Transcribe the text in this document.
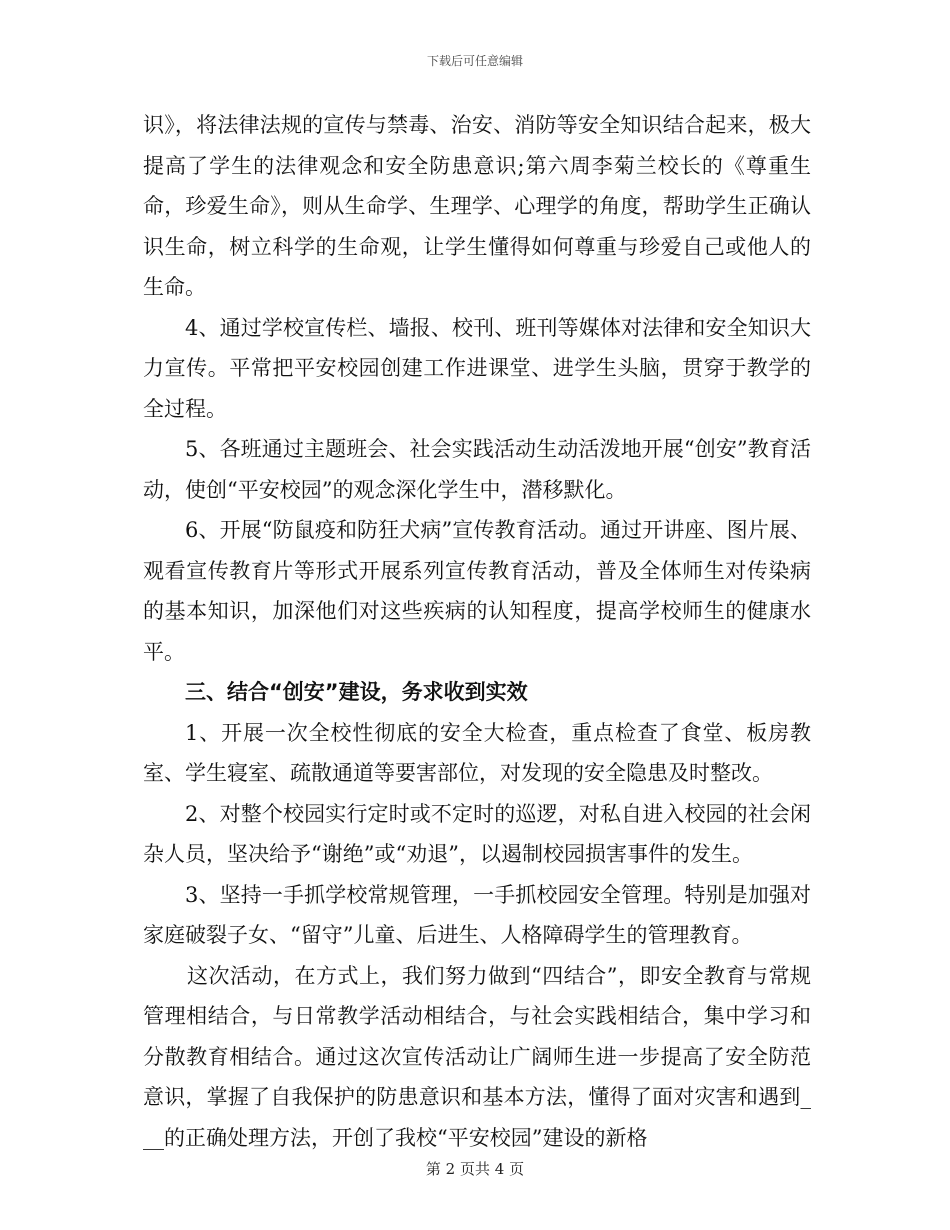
下载后可任意编辑

识》，将法律法规的宣传与禁毒、治安、消防等安全知识结合起来，极大提高了学生的法律观念和安全防患意识;第六周李菊兰校长的《尊重生命，珍爱生命》，则从生命学、生理学、心理学的角度，帮助学生正确认识生命，树立科学的生命观，让学生懂得如何尊重与珍爱自己或他人的生命。

4、通过学校宣传栏、墙报、校刊、班刊等媒体对法律和安全知识大力宣传。平常把平安校园创建工作进课堂、进学生头脑，贯穿于教学的全过程。

5、各班通过主题班会、社会实践活动生动活泼地开展“创安”教育活动，使创“平安校园”的观念深化学生中，潜移默化。

6、开展“防鼠疫和防狂犬病”宣传教育活动。通过开讲座、图片展、观看宣传教育片等形式开展系列宣传教育活动，普及全体师生对传染病的基本知识，加深他们对这些疾病的认知程度，提高学校师生的健康水平。

三、结合“创安”建设，务求收到实效

1、开展一次全校性彻底的安全大检查，重点检查了食堂、板房教室、学生寝室、疏散通道等要害部位，对发现的安全隐患及时整改。

2、对整个校园实行定时或不定时的巡逻，对私自进入校园的社会闲杂人员，坚决给予“谢绝”或“劝退”，以遏制校园损害事件的发生。

3、坚持一手抓学校常规管理，一手抓校园安全管理。特别是加强对家庭破裂子女、“留守”儿童、后进生、人格障碍学生的管理教育。

这次活动，在方式上，我们努力做到“四结合”，即安全教育与常规管理相结合，与日常教学活动相结合，与社会实践相结合，集中学习和分散教育相结合。通过这次宣传活动让广阔师生进一步提高了安全防范意识，掌握了自我保护的防患意识和基本方法，懂得了面对灾害和遇到___的正确处理方法，开创了我校“平安校园”建设的新格

第 2 页共 4 页
